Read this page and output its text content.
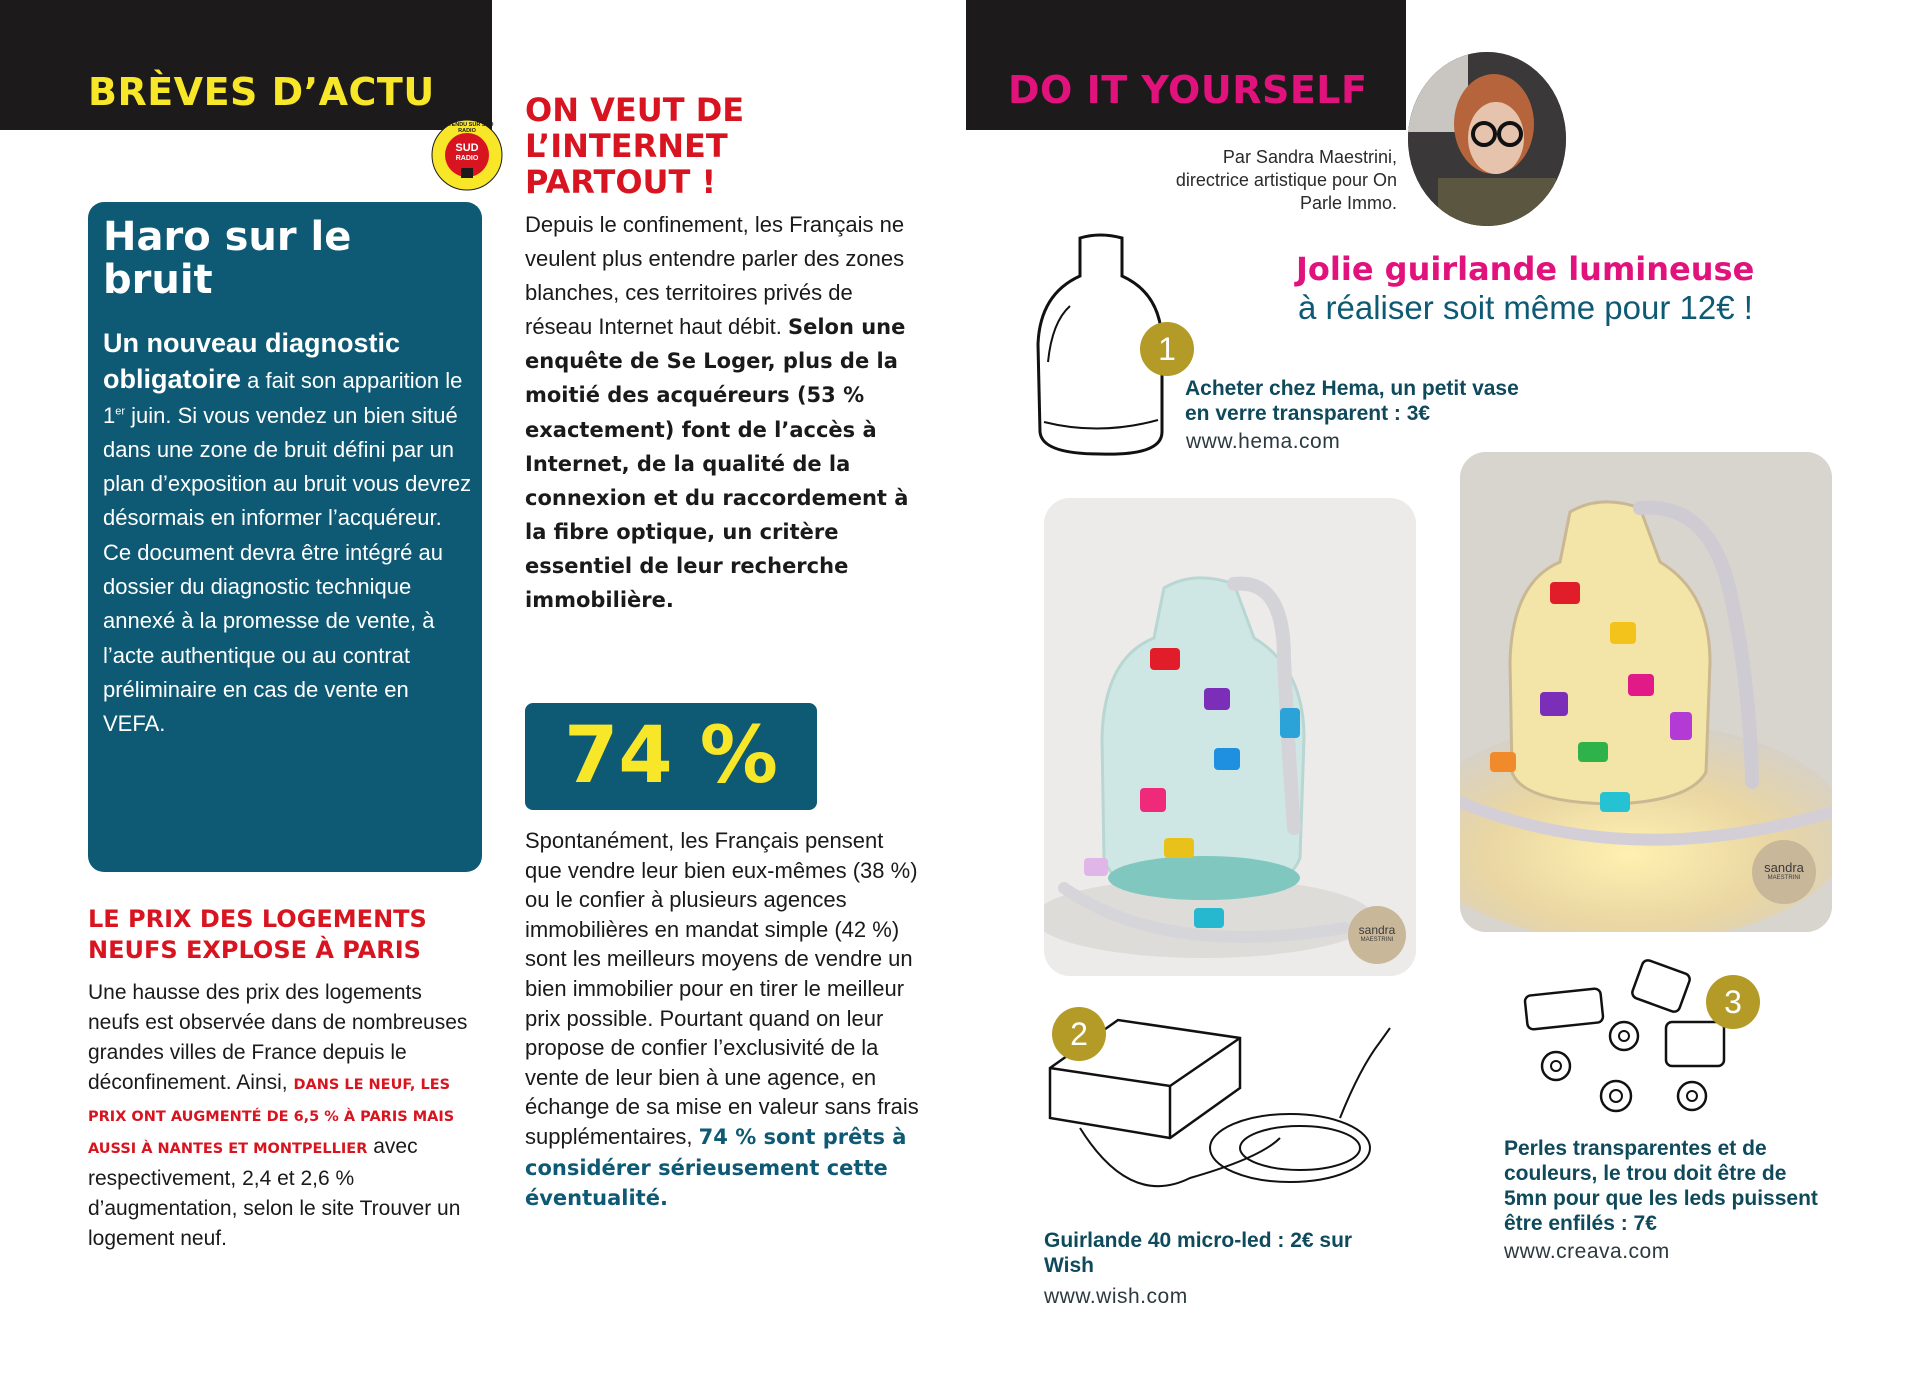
BRÈVES D’ACTU
ENTENDU SUR SUD RADIO
SUD
RADIO
Haro sur le bruit
Un nouveau diagnostic obligatoire a fait son apparition le 1er juin. Si vous vendez un bien situé dans une zone de bruit défini par un plan d’exposition au bruit vous devrez désormais en informer l’acquéreur. Ce document devra être intégré au dossier du diagnostic technique annexé à la promesse de vente, à l’acte authentique ou au contrat préliminaire en cas de vente en VEFA.
LE PRIX DES LOGEMENTS NEUFS EXPLOSE À PARIS
Une hausse des prix des logements neufs est observée dans de nombreuses grandes villes de France depuis le déconfinement. Ainsi, DANS LE NEUF, LES PRIX ONT AUGMENTÉ DE 6,5 % À PARIS MAIS AUSSI À NANTES ET MONTPELLIER avec respectivement, 2,4 et 2,6 % d’augmentation, selon le site Trouver un logement neuf.
ON VEUT DE L’INTERNET PARTOUT !
Depuis le confinement, les Français ne veulent plus entendre parler des zones blanches, ces territoires privés de réseau Internet haut débit. Selon une enquête de Se Loger, plus de la moitié des acquéreurs (53 % exactement) font de l’accès à Internet, de la qualité de la connexion et du raccordement à la fibre optique, un critère essentiel de leur recherche immobilière.
74 %
Spontanément, les Français pensent que vendre leur bien eux-mêmes (38 %) ou le confier à plusieurs agences immobilières en mandat simple (42 %) sont les meilleurs moyens de vendre un bien immobilier pour en tirer le meilleur prix possible. Pourtant quand on leur propose de confier l’exclusivité de la vente de leur bien à une agence, en échange de sa mise en valeur sans frais supplémentaires, 74 % sont prêts à considérer sérieusement cette éventualité.
DO IT YOURSELF
Par Sandra Maestrini, directrice artistique pour On Parle Immo.
Jolie guirlande lumineuse
à réaliser soit même pour 12€ !
1
Acheter chez Hema, un petit vase en verre transparent : 3€
www.hema.com
sandra
MAESTRINI
sandra
MAESTRINI
2
Guirlande 40 micro-led : 2€ sur Wish
www.wish.com
3
Perles transparentes et de couleurs, le trou doit être de 5mn pour que les leds puissent être enfilés : 7€
www.creava.com
